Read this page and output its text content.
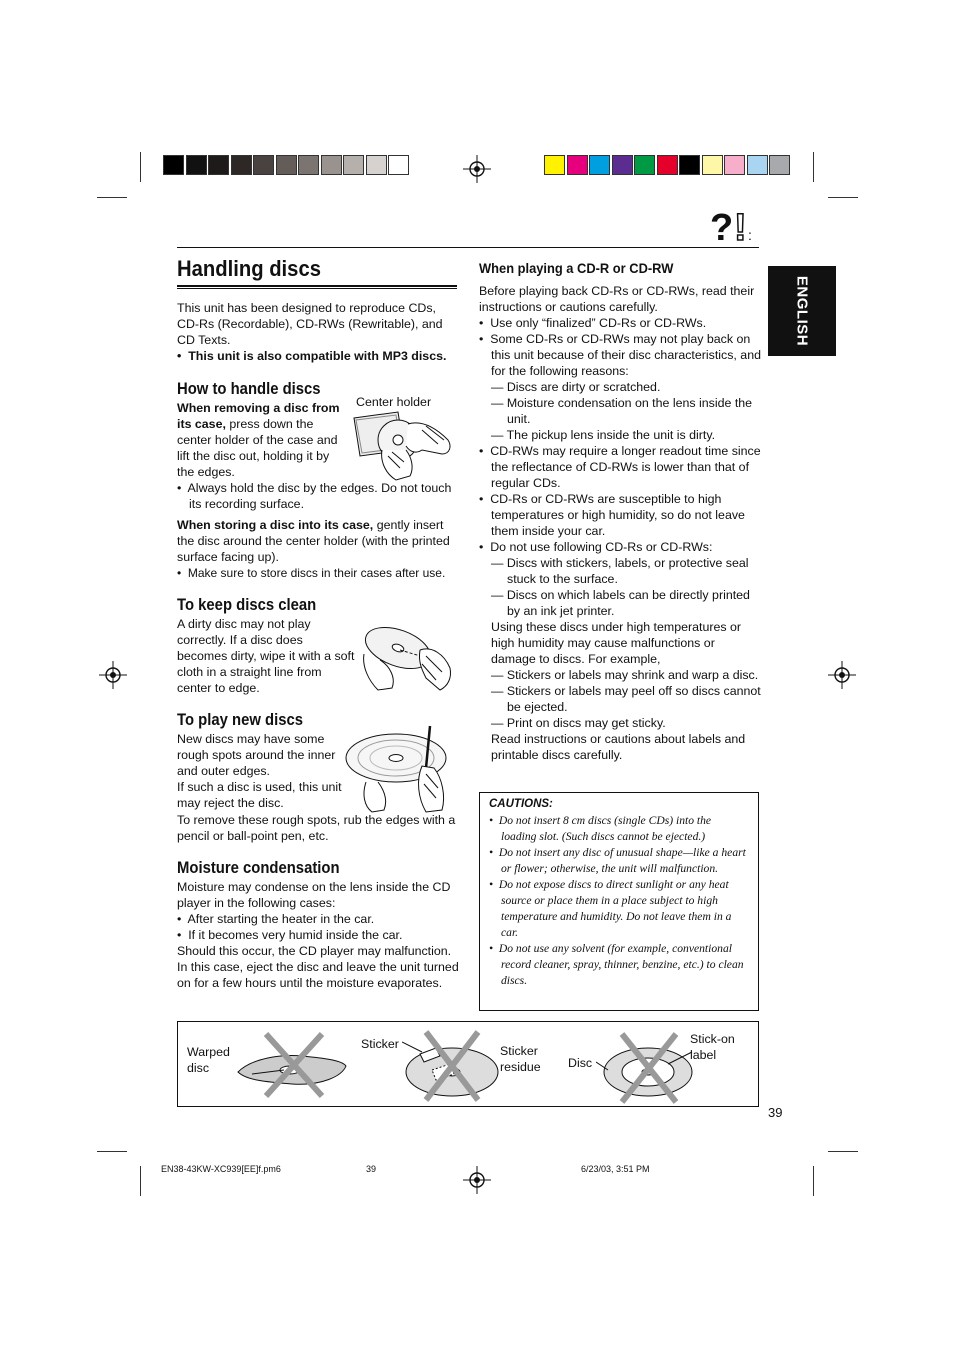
? ! :
ENGLISH
Handling discs

This unit has been designed to reproduce CDs, CD-Rs (Recordable), CD-RWs (Rewritable), and CD Texts.

•  This unit is also compatible with MP3 discs.

How to handle discs

When removing a disc from its case, press down the center holder of the case and lift the disc out, holding it by the edges.

Center holder

•  Always hold the disc by the edges. Do not touch its recording surface.

When storing a disc into its case, gently insert the disc around the center holder (with the printed surface facing up).

•  Make sure to store discs in their cases after use.

To keep discs clean
A dirty disc may not play correctly. If a disc does becomes dirty, wipe it with a soft cloth in a straight line from center to edge.
To play new discs

New discs may have some rough spots around the inner and outer edges.

If such a disc is used, this unit may reject the disc.

To remove these rough spots, rub the edges with a pencil or ball-point pen, etc.
Moisture condensation

Moisture may condense on the lens inside the CD player in the following cases:

•  After starting the heater in the car.

•  If it becomes very humid inside the car.

Should this occur, the CD player may malfunction. In this case, eject the disc and leave the unit turned on for a few hours until the moisture evaporates.

When playing a CD-R or CD-RW

Before playing back CD-Rs or CD-RWs, read their instructions or cautions carefully.

•  Use only “finalized” CD-Rs or CD-RWs.

•  Some CD-Rs or CD-RWs may not play back on this unit because of their disc characteristics, and for the following reasons:

— Discs are dirty or scratched.

— Moisture condensation on the lens inside the unit.

— The pickup lens inside the unit is dirty.

•  CD-RWs may require a longer readout time since the reflectance of CD-RWs is lower than that of regular CDs.

•  CD-Rs or CD-RWs are susceptible to high temperatures or high humidity, so do not leave them inside your car.

•  Do not use following CD-Rs or CD-RWs:

— Discs with stickers, labels, or protective seal stuck to the surface.

— Discs on which labels can be directly printed by an ink jet printer.

Using these discs under high temperatures or high humidity may cause malfunctions or damage to discs. For example,

— Stickers or labels may shrink and warp a disc.

— Stickers or labels may peel off so discs cannot be ejected.

— Print on discs may get sticky.

Read instructions or cautions about labels and printable discs carefully.

CAUTIONS:

•  Do not insert 8 cm discs (single CDs) into the loading slot. (Such discs cannot be ejected.)

•  Do not insert any disc of unusual shape—like a heart or flower; otherwise, the unit will malfunction.

•  Do not expose discs to direct sunlight or any heat source or place them in a place subject to high temperature and humidity. Do not leave them in a car.

•  Do not use any solvent (for example, conventional record cleaner, spray, thinner, benzine, etc.) to clean discs.

Warped disc
Sticker	Sticker residue	Disc
Stick-on label
39
EN38-43KW-XC939[EE]f.pm6	39	6/23/03, 3:51 PM
